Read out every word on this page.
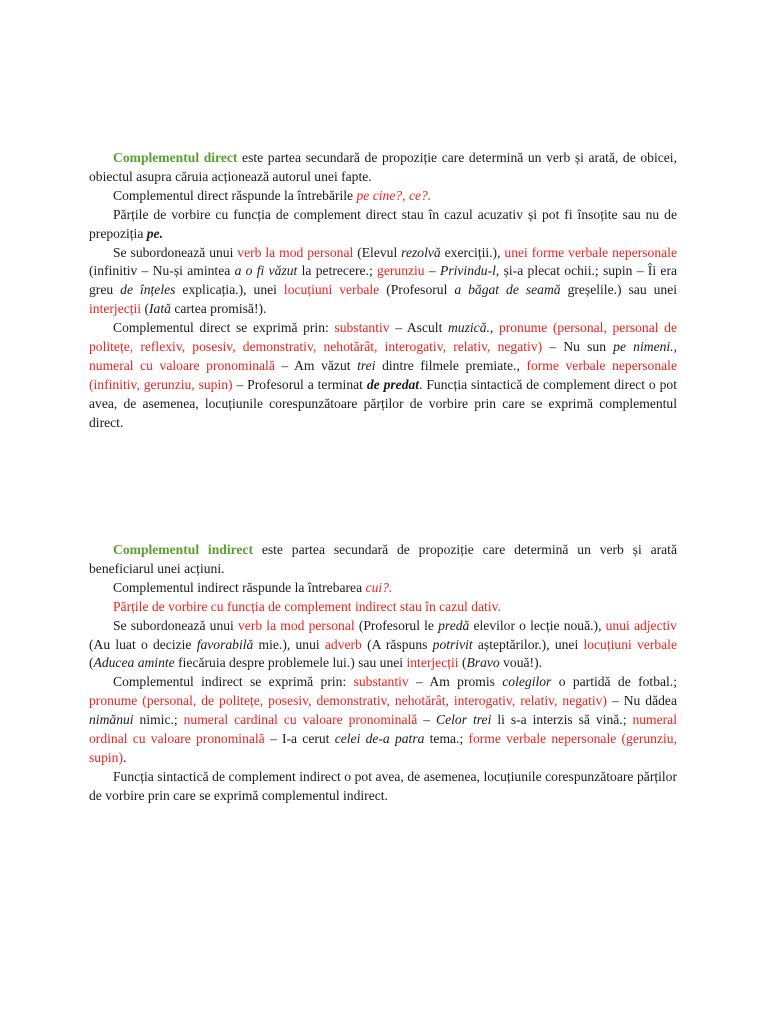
Complementul direct este partea secundară de propoziție care determină un verb și arată, de obicei, obiectul asupra căruia acționează autorul unei fapte.

Complementul direct răspunde la întrebările pe cine?, ce?.

Părțile de vorbire cu funcția de complement direct stau în cazul acuzativ și pot fi însoțite sau nu de prepoziția pe.

Se subordonează unui verb la mod personal (Elevul rezolvă exerciții.), unei forme verbale nepersonale (infinitiv – Nu-și amintea a o fi văzut la petrecere.; gerunziu – Privindu-l, și-a plecat ochii.; supin – Îi era greu de înțeles explicația.), unei locuțiuni verbale (Profesorul a băgat de seamă greșelile.) sau unei interjecții (Iată cartea promisă!).

Complementul direct se exprimă prin: substantiv – Ascult muzică., pronume (personal, personal de politețe, reflexiv, posesiv, demonstrativ, nehotărât, interogativ, relativ, negativ) – Nu sun pe nimeni., numeral cu valoare pronominală – Am văzut trei dintre filmele premiate., forme verbale nepersonale (infinitiv, gerunziu, supin) – Profesorul a terminat de predat. Funcția sintactică de complement direct o pot avea, de asemenea, locuțiunile corespunzătoare părților de vorbire prin care se exprimă complementul direct.

Complementul indirect este partea secundară de propoziție care determină un verb și arată beneficiarul unei acțiuni.

Complementul indirect răspunde la întrebarea cui?.

Părțile de vorbire cu funcția de complement indirect stau în cazul dativ.

Se subordonează unui verb la mod personal (Profesorul le predă elevilor o lecție nouă.), unui adjectiv (Au luat o decizie favorabilă mie.), unui adverb (A răspuns potrivit așteptărilor.), unei locuțiuni verbale (Aducea aminte fiecăruia despre problemele lui.) sau unei interjecții (Bravo vouă!).

Complementul indirect se exprimă prin: substantiv – Am promis colegilor o partidă de fotbal.; pronume (personal, de politețe, posesiv, demonstrativ, nehotărât, interogativ, relativ, negativ) – Nu dădea nimănui nimic.; numeral cardinal cu valoare pronominală – Celor trei li s-a interzis să vină.; numeral ordinal cu valoare pronominală – I-a cerut celei de-a patra tema.; forme verbale nepersonale (gerunziu, supin).

Funcția sintactică de complement indirect o pot avea, de asemenea, locuțiunile corespunzătoare părților de vorbire prin care se exprimă complementul indirect.
